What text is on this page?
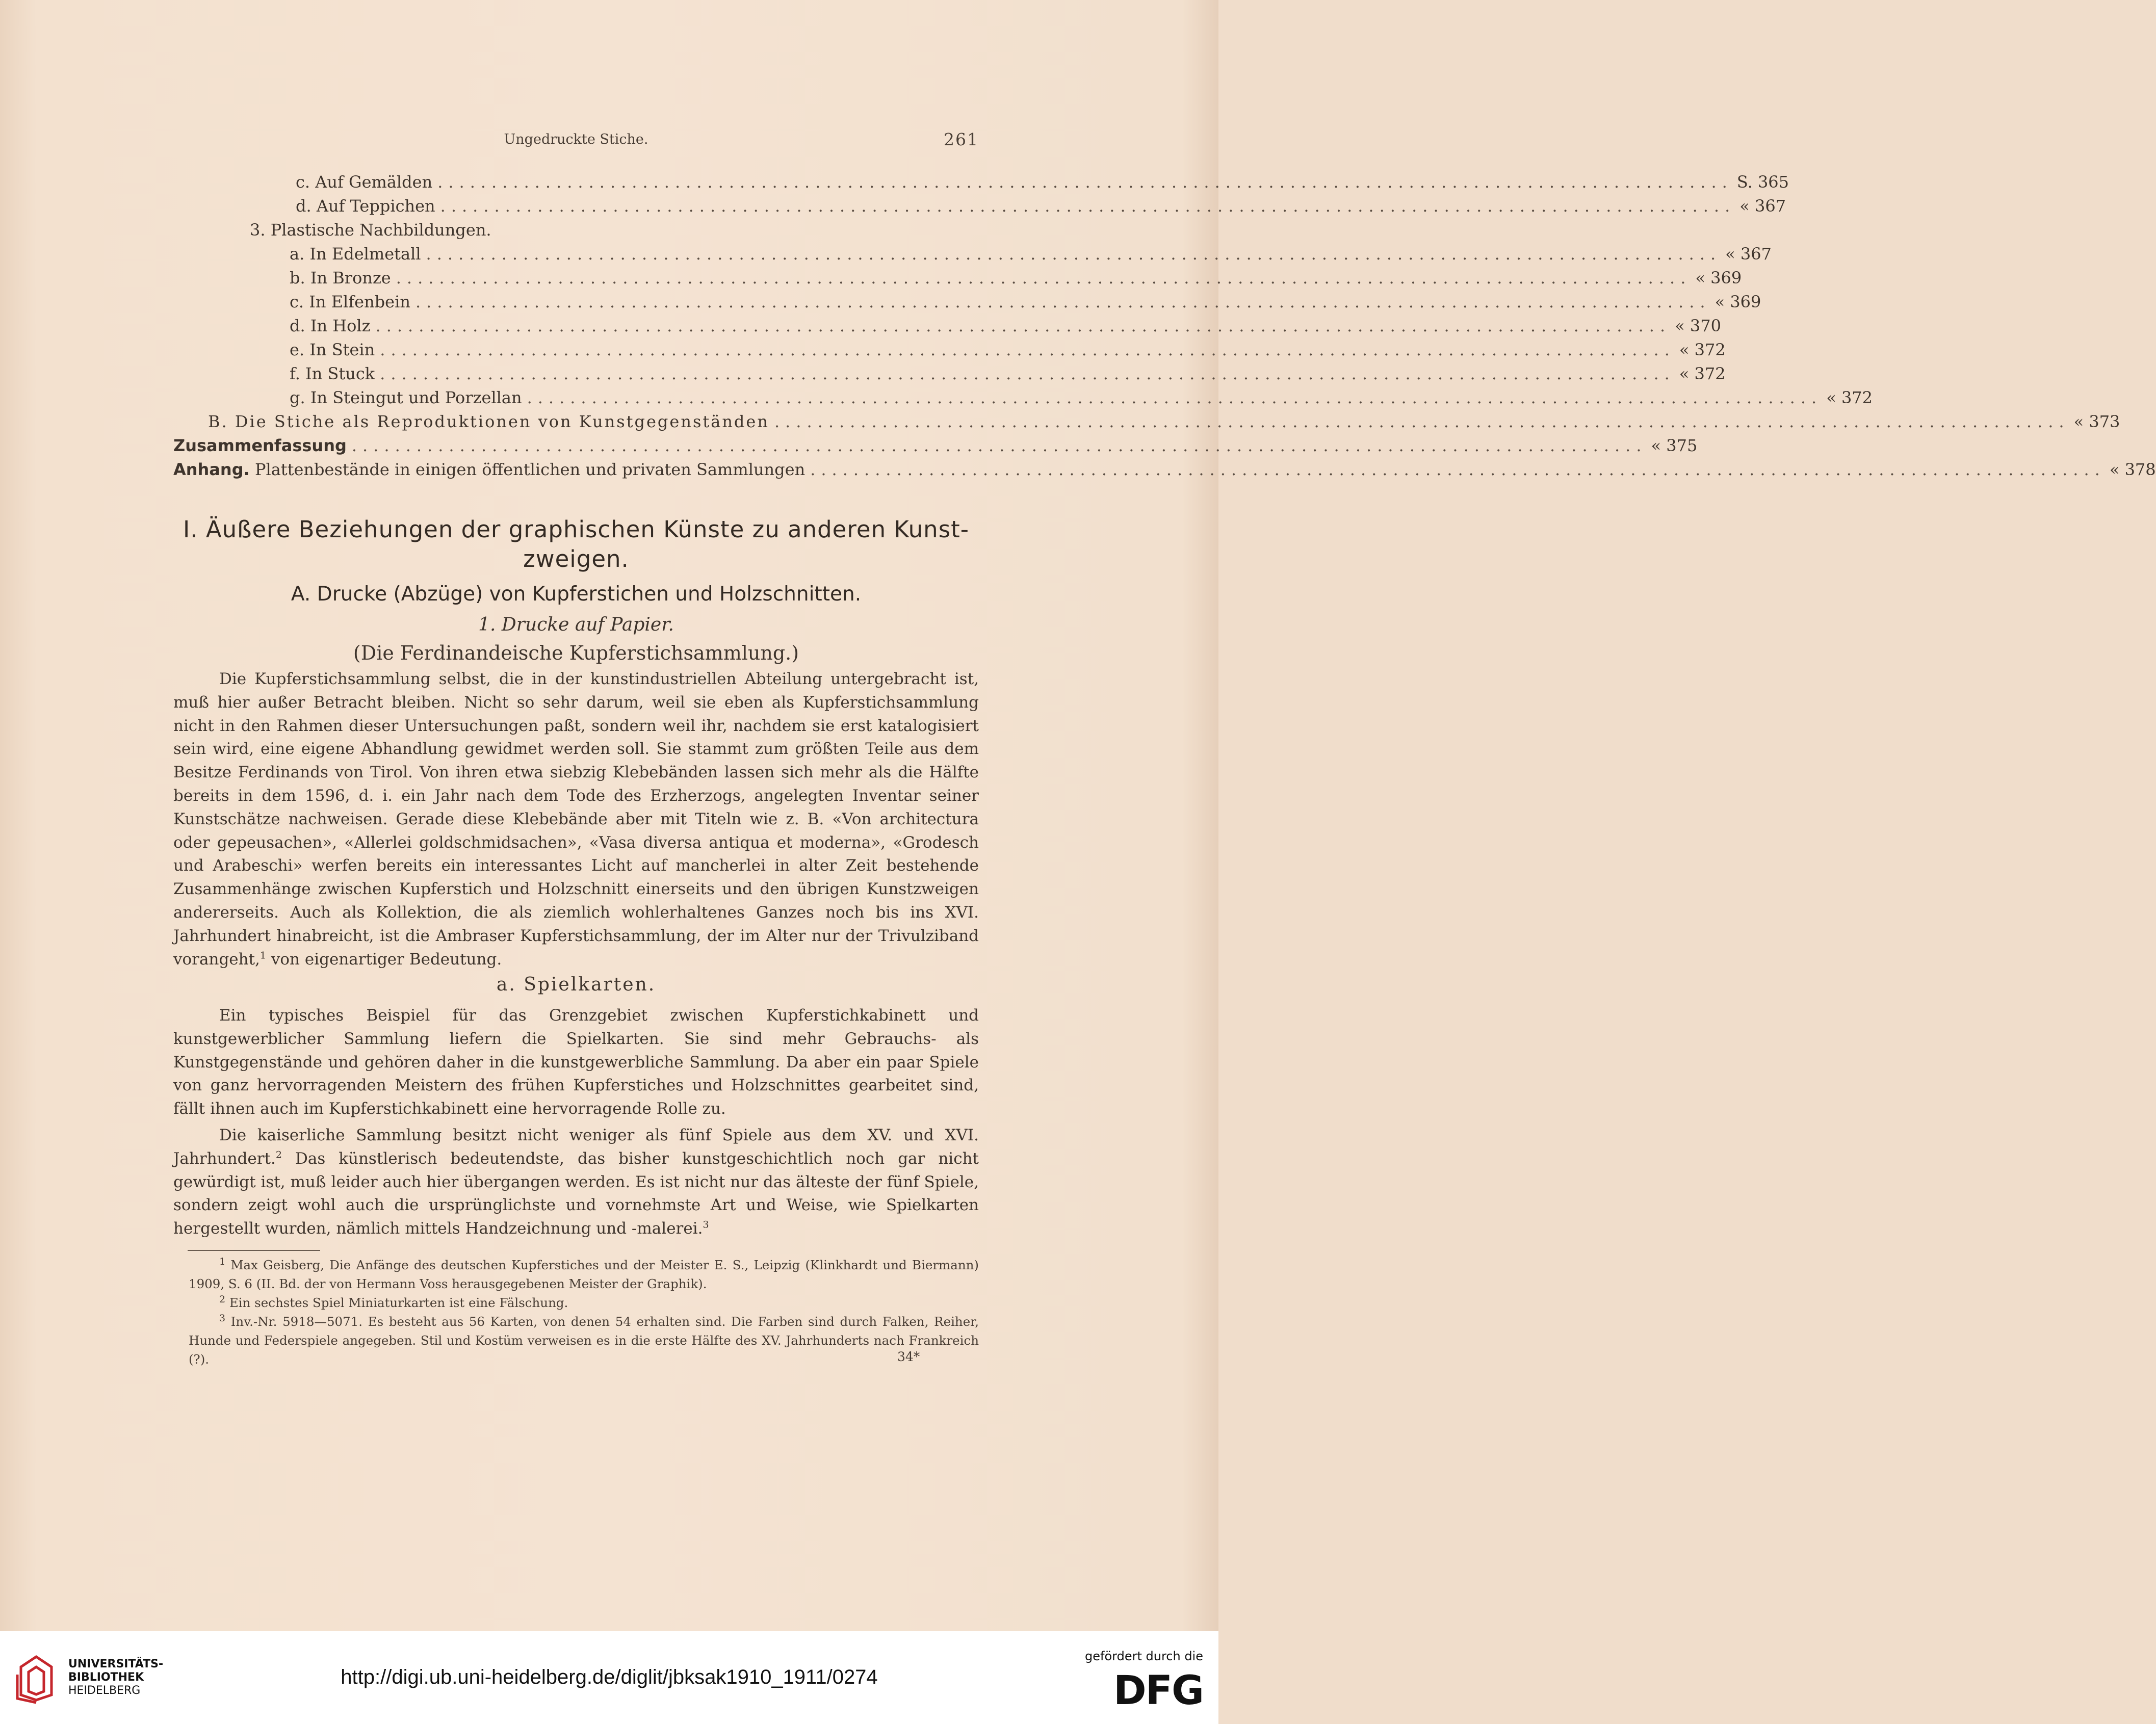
Ungedruckte Stiche.	261
c. Auf Gemälden ........................................................................................................................ S. 365
d. Auf Teppichen ........................................................................................................................ « 367
3. Plastische Nachbildungen.
a. In Edelmetall ........................................................................................................................ « 367
b. In Bronze ........................................................................................................................ « 369
c. In Elfenbein ........................................................................................................................ « 369
d. In Holz ........................................................................................................................ « 370
e. In Stein ........................................................................................................................ « 372
f. In Stuck ........................................................................................................................ « 372
g. In Steingut und Porzellan ........................................................................................................................ « 372
B. Die Stiche als Reproduktionen von Kunstgegenständen ........................................................................................................................ « 373
Zusammenfassung ........................................................................................................................ « 375
Anhang. Plattenbestände in einigen öffentlichen und privaten Sammlungen ........................................................................................................................ « 378
I. Äußere Beziehungen der graphischen Künste zu anderen Kunst-
zweigen.
A. Drucke (Abzüge) von Kupferstichen und Holzschnitten.
1. Drucke auf Papier.
(Die Ferdinandeische Kupferstichsammlung.)
Die Kupferstichsammlung selbst, die in der kunstindustriellen Abteilung untergebracht ist, muß hier außer Betracht bleiben. Nicht so sehr darum, weil sie eben als Kupferstichsammlung nicht in den Rahmen dieser Untersuchungen paßt, sondern weil ihr, nachdem sie erst katalogisiert sein wird, eine eigene Abhandlung gewidmet werden soll. Sie stammt zum größten Teile aus dem Besitze Ferdinands von Tirol. Von ihren etwa siebzig Klebebänden lassen sich mehr als die Hälfte bereits in dem 1596, d. i. ein Jahr nach dem Tode des Erzherzogs, angelegten Inventar seiner Kunstschätze nachweisen. Gerade diese Klebebände aber mit Titeln wie z. B. «Von architectura oder gepeusachen», «Allerlei goldschmidsachen», «Vasa diversa antiqua et moderna», «Grodesch und Arabeschi» werfen bereits ein interessantes Licht auf mancherlei in alter Zeit bestehende Zusammenhänge zwischen Kupferstich und Holzschnitt einerseits und den übrigen Kunstzweigen andererseits. Auch als Kollektion, die als ziemlich wohlerhaltenes Ganzes noch bis ins XVI. Jahrhundert hinabreicht, ist die Ambraser Kupferstichsammlung, der im Alter nur der Trivulziband vorangeht,$^1$ von eigenartiger Bedeutung.
a. Spielkarten.
Ein typisches Beispiel für das Grenzgebiet zwischen Kupferstichkabinett und kunstgewerblicher Sammlung liefern die Spielkarten. Sie sind mehr Gebrauchs- als Kunstgegenstände und gehören daher in die kunstgewerbliche Sammlung. Da aber ein paar Spiele von ganz hervorragenden Meistern des frühen Kupferstiches und Holzschnittes gearbeitet sind, fällt ihnen auch im Kupferstichkabinett eine hervorragende Rolle zu.
Die kaiserliche Sammlung besitzt nicht weniger als fünf Spiele aus dem XV. und XVI. Jahrhundert.$^2$ Das künstlerisch bedeutendste, das bisher kunstgeschichtlich noch gar nicht gewürdigt ist, muß leider auch hier übergangen werden. Es ist nicht nur das älteste der fünf Spiele, sondern zeigt wohl auch die ursprünglichste und vornehmste Art und Weise, wie Spielkarten hergestellt wurden, nämlich mittels Handzeichnung und -malerei.$^3$
$^1$ Max Geisberg, Die Anfänge des deutschen Kupferstiches und der Meister E. S., Leipzig (Klinkhardt und Biermann) 1909, S. 6 (II. Bd. der von Hermann Voss herausgegebenen Meister der Graphik).
$^2$ Ein sechstes Spiel Miniaturkarten ist eine Fälschung.
$^3$ Inv.-Nr. 5918—5071. Es besteht aus 56 Karten, von denen 54 erhalten sind. Die Farben sind durch Falken, Reiher, Hunde und Federspiele angegeben. Stil und Kostüm verweisen es in die erste Hälfte des XV. Jahrhunderts nach Frankreich (?).	34*
UNIVERSITÄTS-
BIBLIOTHEK
HEIDELBERG
http://digi.ub.uni-heidelberg.de/diglit/jbksak1910_1911/0274
gefördert durch die
DFG
